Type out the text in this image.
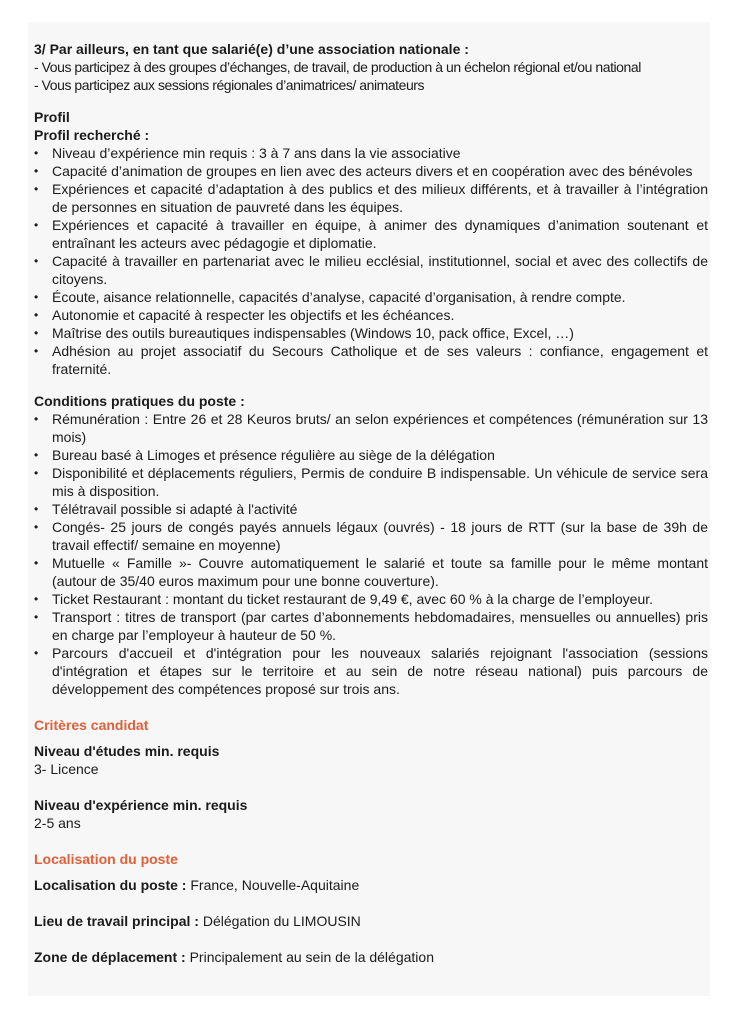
3/ Par ailleurs, en tant que salarié(e) d’une association nationale :
- Vous participez à des groupes d’échanges, de travail, de production à un échelon régional et/ou national
- Vous participez aux sessions régionales d’animatrices/ animateurs
Profil
Profil recherché :
• Niveau d’expérience min requis : 3 à 7 ans dans la vie associative
• Capacité d’animation de groupes en lien avec des acteurs divers et en coopération avec des bénévoles
• Expériences et capacité d’adaptation à des publics et des milieux différents, et à travailler à l’intégration de personnes en situation de pauvreté dans les équipes.
• Expériences et capacité à travailler en équipe, à animer des dynamiques d’animation soutenant et entraînant les acteurs avec pédagogie et diplomatie.
• Capacité à travailler en partenariat avec le milieu ecclésial, institutionnel, social et avec des collectifs de citoyens.
• Écoute, aisance relationnelle, capacités d’analyse, capacité d’organisation, à rendre compte.
• Autonomie et capacité à respecter les objectifs et les échéances.
• Maîtrise des outils bureautiques indispensables (Windows 10, pack office, Excel, …)
• Adhésion au projet associatif du Secours Catholique et de ses valeurs : confiance, engagement et fraternité.
Conditions pratiques du poste :
• Rémunération : Entre 26 et 28 Keuros bruts/ an selon expériences et compétences (rémunération sur 13 mois)
• Bureau basé à Limoges et présence régulière au siège de la délégation
• Disponibilité et déplacements réguliers, Permis de conduire B indispensable. Un véhicule de service sera mis à disposition.
• Télétravail possible si adapté à l'activité
• Congés- 25 jours de congés payés annuels légaux (ouvrés) - 18 jours de RTT (sur la base de 39h de travail effectif/ semaine en moyenne)
• Mutuelle « Famille »- Couvre automatiquement le salarié et toute sa famille pour le même montant (autour de 35/40 euros maximum pour une bonne couverture).
• Ticket Restaurant : montant du ticket restaurant de 9,49 €, avec 60 % à la charge de l’employeur.
• Transport : titres de transport (par cartes d’abonnements hebdomadaires, mensuelles ou annuelles) pris en charge par l’employeur à hauteur de 50 %.
• Parcours d'accueil et d'intégration pour les nouveaux salariés rejoignant l'association (sessions d'intégration et étapes sur le territoire et au sein de notre réseau national) puis parcours de développement des compétences proposé sur trois ans.
Critères candidat
Niveau d'études min. requis
3- Licence
Niveau d'expérience min. requis
2-5 ans
Localisation du poste
Localisation du poste : France, Nouvelle-Aquitaine
Lieu de travail principal : Délégation du LIMOUSIN
Zone de déplacement : Principalement au sein de la délégation
